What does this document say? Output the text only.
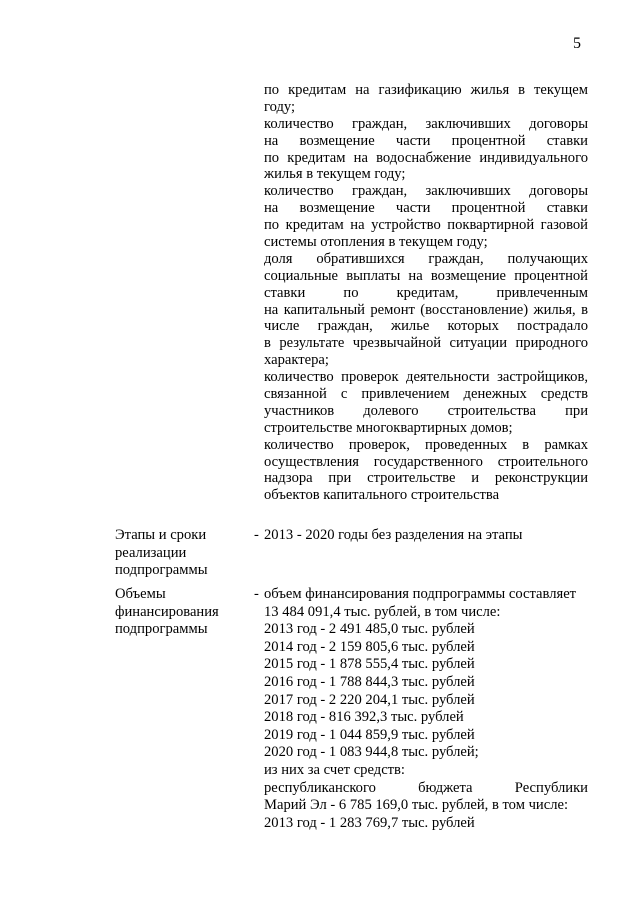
5
по кредитам на газификацию жилья в текущем
году;
количество граждан, заключивших договоры
на возмещение части процентной ставки
по кредитам на водоснабжение индивидуального
жилья в текущем году;
количество граждан, заключивших договоры
на возмещение части процентной ставки
по кредитам на устройство поквартирной газовой
системы отопления в текущем году;
доля обратившихся граждан, получающих
социальные выплаты на возмещение процентной
ставки по кредитам, привлеченным
на капитальный ремонт (восстановление) жилья, в
числе граждан, жилье которых пострадало
в результате чрезвычайной ситуации природного
характера;
количество проверок деятельности застройщиков,
связанной с привлечением денежных средств
участников долевого строительства при
строительстве многоквартирных домов;
количество проверок, проведенных в рамках
осуществления государственного строительного
надзора при строительстве и реконструкции
объектов капитального строительства
Этапы и сроки
реализации
подпрограммы
- 2013 - 2020 годы без разделения на этапы
Объемы
финансирования
подпрограммы
- объем финансирования подпрограммы составляет
13 484 091,4 тыс. рублей, в том числе:
2013 год - 2 491 485,0 тыс. рублей
2014 год - 2 159 805,6 тыс. рублей
2015 год - 1 878 555,4 тыс. рублей
2016 год - 1 788 844,3 тыс. рублей
2017 год - 2 220 204,1 тыс. рублей
2018 год - 816 392,3 тыс. рублей
2019 год - 1 044 859,9 тыс. рублей
2020 год - 1 083 944,8 тыс. рублей;
из них за счет средств:
республиканского	бюджета	Республики
Марий Эл - 6 785 169,0 тыс. рублей, в том числе:
2013 год - 1 283 769,7 тыс. рублей
